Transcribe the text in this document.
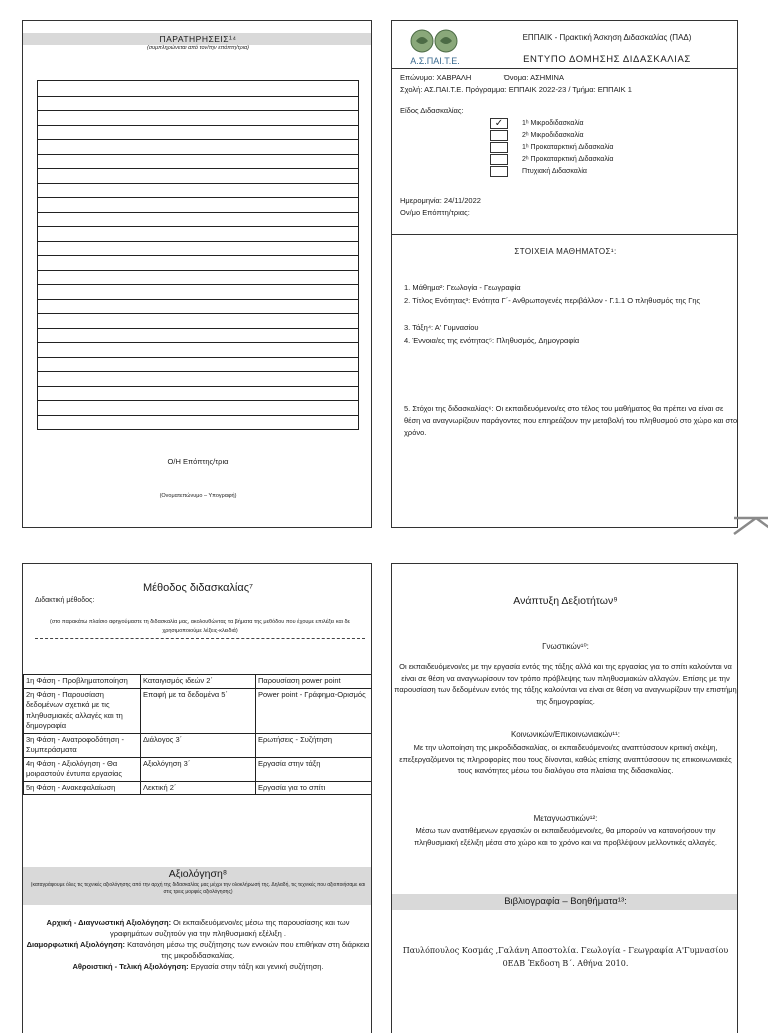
ΠΑΡΑΤΗΡΗΣΕΙΣ¹⁴
(συμπληρώνεται από τον/την επόπτη/τρια)
Ο/Η Επόπτης/τρια
(Ονοματεπώνυμο – Υπογραφή)
Α.Σ.ΠΑΙ.Τ.Ε.
ΕΠΠΑΙΚ - Πρακτική Άσκηση Διδασκαλίας (ΠΑΔ)
ΕΝΤΥΠΟ ΔΟΜΗΣΗΣ ΔΙΔΑΣΚΑΛΙΑΣ
Επώνυμο: ΧΑΒΡΑΛΗ	Όνομα: ΑΣΗΜΙΝΑ
Σχολή: ΑΣ.ΠΑΙ.Τ.Ε. Πρόγραμμα: ΕΠΠΑΙΚ 2022-23 / Τμήμα: ΕΠΠΑΙΚ 1
Είδος Διδασκαλίας:
✓	1ʰ Μικροδιδασκαλία
2ʰ Μικροδιδασκαλία
1ʰ Προκαταρκτική Διδασκαλία
2ʰ Προκαταρκτική Διδασκαλία
Πτυχιακή Διδασκαλία
Ημερομηνία: 24/11/2022
Ον/μο Επόπτη/τριας:
ΣΤΟΙΧΕΙΑ ΜΑΘΗΜΑΤΟΣ¹:
1. Μάθημα²: Γεωλογία - Γεωγραφία
2. Τίτλος Ενότητας³: Ενότητα Γ΄- Ανθρωπογενές περιβάλλον - Γ.1.1 Ο πληθυσμός της Γης
3. Τάξη⁴: Α' Γυμνασίου
4. Έννοια/ες της ενότητας⁵: Πληθυσμός, Δημογραφία
5. Στόχοι της διδασκαλίας⁶: Οι εκπαιδευόμενοι/ες στο τέλος του μαθήματος θα πρέπει να είναι σε θέση να αναγνωρίζουν παράγοντες που επηρεάζουν την μεταβολή του πληθυσμού στο χώρο και στο χρόνο.
Μέθοδος διδασκαλίας⁷
Διδακτική μέθοδος:
(στο παρακάτω πλαίσιο αφηγούμαστε τη διδασκαλία μας, ακολουθώντας τα βήματα της μεθόδου που έχουμε επιλέξει και δε χρησιμοποιούμε λέξεις-κλειδιά)
1η Φάση - Προβληματοποίηση	Καταιγισμός ιδεών 2΄	Παρουσίαση power point
2η Φάση - Παρουσίαση δεδομένων σχετικά με τις πληθυσμιακές αλλαγές και τη δημογραφία	Επαφή με τα δεδομένα 5΄	Power point - Γράφημα-Ορισμός
3η Φάση - Ανατροφοδότηση - Συμπεράσματα	Διάλογος 3΄	Ερωτήσεις - Συζήτηση
4η Φάση - Αξιολόγηση - Θα μοιραστούν έντυπα εργασίας	Αξιολόγηση 3΄	Εργασία στην τάξη
5η Φάση - Ανακεφαλαίωση	Λεκτική 2΄	Εργασία για το σπίτι
Αξιολόγηση⁸
(καταγράφουμε όλες τις τεχνικές αξιολόγησης από την αρχή της διδασκαλίας μας μέχρι την ολοκλήρωσή της. Δηλαδή, τις τεχνικές που αξιοποιήσαμε και στις τρεις μορφές αξιολόγησης)
Αρχική - Διαγνωστική Αξιολόγηση: Οι εκπαιδευόμενοι/ες μέσω της παρουσίασης και των γραφημάτων συζητούν για την πληθυσμιακή εξέλιξη .
Διαμορφωτική Αξιολόγηση: Κατανόηση μέσω της συζήτησης των εννοιών που επιθήκαν στη διάρκεια της μικροδιδασκαλίας.
Αθροιστική - Τελική Αξιολόγηση: Εργασία στην τάξη και γενική συζήτηση.
Ανάπτυξη Δεξιοτήτων⁹
Γνωστικών¹⁰:
Οι εκπαιδευόμενοι/ες με την εργασία εντός της τάξης αλλά και της εργασίας για το σπίτι καλούνται να είναι σε θέση να αναγνωρίσουν τον τρόπο πρόβλεψης των πληθυσμιακών αλλαγών. Επίσης με την παρουσίαση των δεδομένων εντός της τάξης καλούνται να είναι σε θέση να αναγνωρίζουν την επιστήμη της δημογραφίας.
Κοινωνικών/Επικοινωνιακών¹¹:
Με την υλοποίηση της μικροδιδασκαλίας, οι εκπαιδευόμενοι/ες αναπτύσσουν κριτική σκέψη, επεξεργαζόμενοι τις πληροφορίες που τους δίνονται, καθώς επίσης αναπτύσσουν τις επικοινωνιακές τους ικανότητες μέσω του διαλόγου στα πλαίσια της διδασκαλίας.
Μεταγνωστικών¹²:
Μέσω των ανατιθέμενων εργασιών οι εκπαιδευόμενοι/ες, θα μπορούν να κατανοήσουν την πληθυσμιακή εξέλιξη μέσα στο χώρο και το χρόνο και να προβλέψουν μελλοντικές αλλαγές.
Βιβλιογραφία – Βοηθήματα¹³:
Παυλόπουλος Κοσμάς ,Γαλάνη Αποστολία. Γεωλογία - Γεωγραφία Α'Γυμνασίου 0ΕΔΒ Έκδοση Β΄. Αθήνα 2010.
